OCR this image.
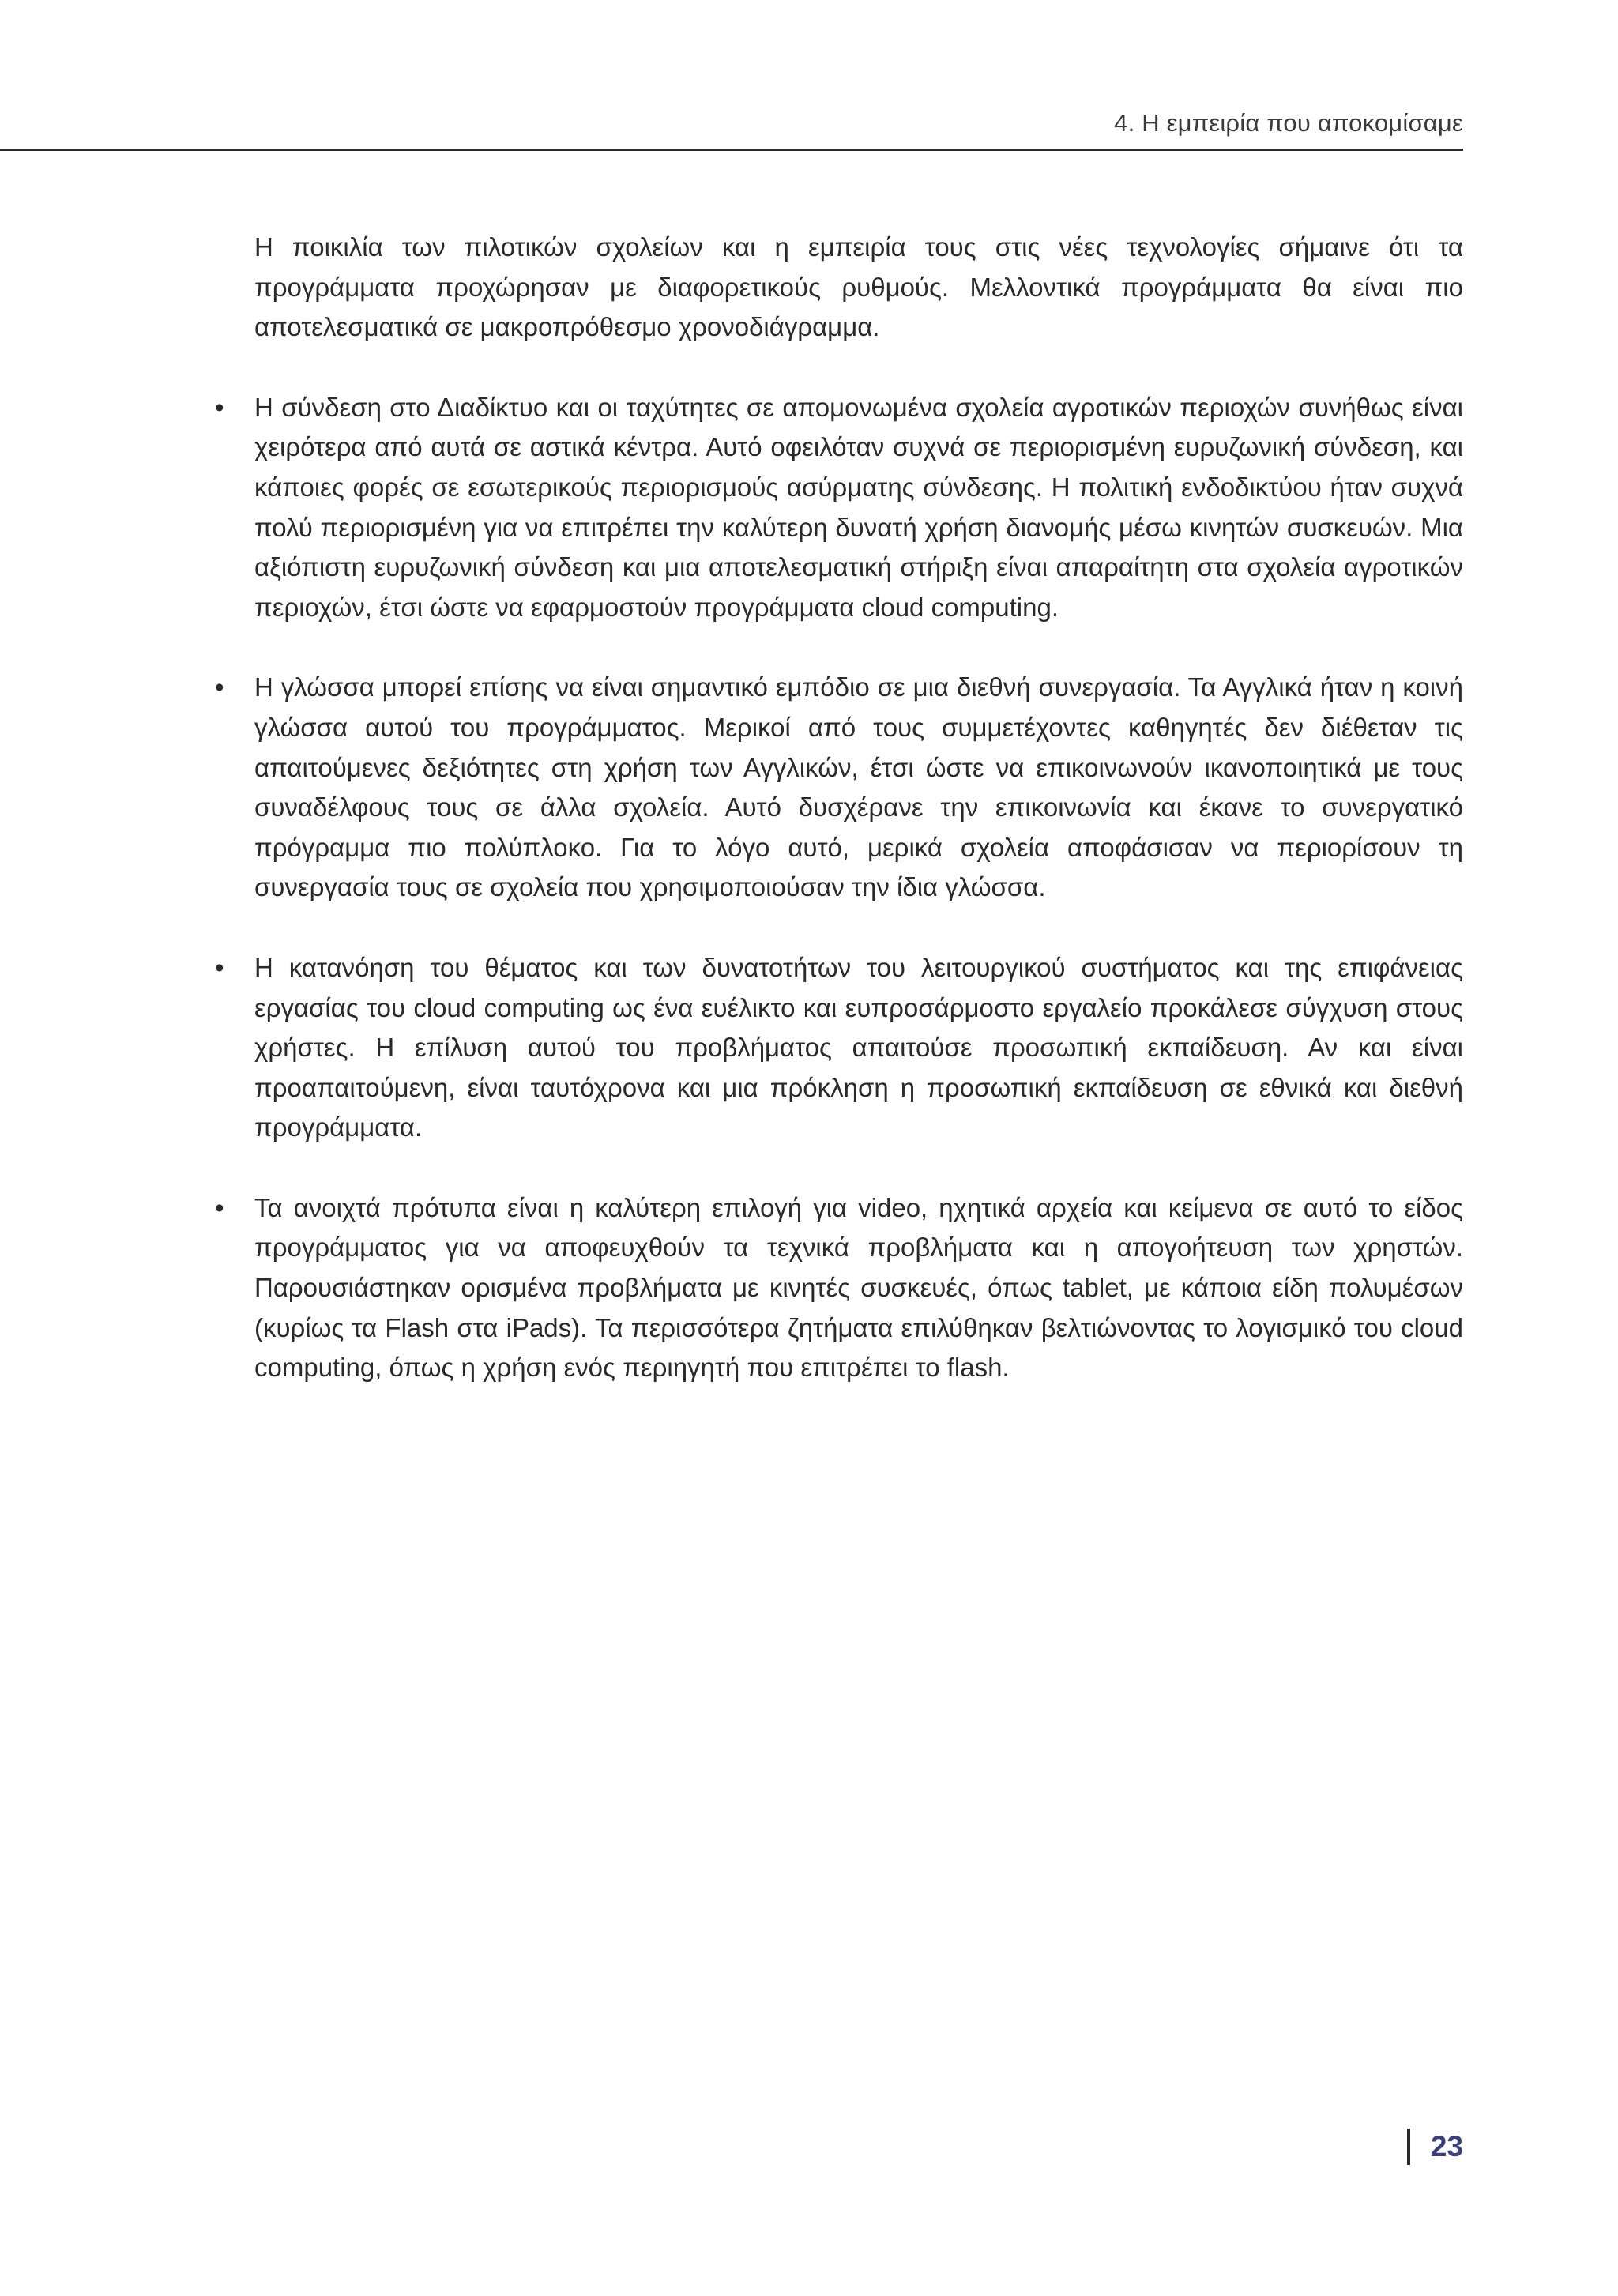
4. Η εμπειρία που αποκομίσαμε

Η ποικιλία των πιλοτικών σχολείων και η εμπειρία τους στις νέες τεχνολογίες σήμαινε ότι τα προγράμματα προχώρησαν με διαφορετικούς ρυθμούς. Μελλοντικά προγράμματα θα είναι πιο αποτελεσματικά σε μακροπρόθεσμο χρονοδιάγραμμα.

• Η σύνδεση στο Διαδίκτυο και οι ταχύτητες σε απομονωμένα σχολεία αγροτικών περιοχών συνήθως είναι χειρότερα από αυτά σε αστικά κέντρα. Αυτό οφειλόταν συχνά σε περιορισμένη ευρυζωνική σύνδεση, και κάποιες φορές σε εσωτερικούς περιορισμούς ασύρματης σύνδεσης. Η πολιτική ενδοδικτύου ήταν συχνά πολύ περιορισμένη για να επιτρέπει την καλύτερη δυνατή χρήση διανομής μέσω κινητών συσκευών. Μια αξιόπιστη ευρυζωνική σύνδεση και μια αποτελεσματική στήριξη είναι απαραίτητη στα σχολεία αγροτικών περιοχών, έτσι ώστε να εφαρμοστούν προγράμματα cloud computing.

• Η γλώσσα μπορεί επίσης να είναι σημαντικό εμπόδιο σε μια διεθνή συνεργασία. Τα Αγγλικά ήταν η κοινή γλώσσα αυτού του προγράμματος. Μερικοί από τους συμμετέχοντες καθηγητές δεν διέθεταν τις απαιτούμενες δεξιότητες στη χρήση των Αγγλικών, έτσι ώστε να επικοινωνούν ικανοποιητικά με τους συναδέλφους τους σε άλλα σχολεία. Αυτό δυσχέρανε την επικοινωνία και έκανε το συνεργατικό πρόγραμμα πιο πολύπλοκο. Για το λόγο αυτό, μερικά σχολεία αποφάσισαν να περιορίσουν τη συνεργασία τους σε σχολεία που χρησιμοποιούσαν την ίδια γλώσσα.

• Η κατανόηση του θέματος και των δυνατοτήτων του λειτουργικού συστήματος και της επιφάνειας εργασίας του cloud computing ως ένα ευέλικτο και ευπροσάρμοστο εργαλείο προκάλεσε σύγχυση στους χρήστες. Η επίλυση αυτού του προβλήματος απαιτούσε προσωπική εκπαίδευση. Αν και είναι προαπαιτούμενη, είναι ταυτόχρονα και μια πρόκληση η προσωπική εκπαίδευση σε εθνικά και διεθνή προγράμματα.

• Τα ανοιχτά πρότυπα είναι η καλύτερη επιλογή για video, ηχητικά αρχεία και κείμενα σε αυτό το είδος προγράμματος για να αποφευχθούν τα τεχνικά προβλήματα και η απογοήτευση των χρηστών. Παρουσιάστηκαν ορισμένα προβλήματα με κινητές συσκευές, όπως tablet, με κάποια είδη πολυμέσων (κυρίως τα Flash στα iPads). Τα περισσότερα ζητήματα επιλύθηκαν βελτιώνοντας το λογισμικό του cloud computing, όπως η χρήση ενός περιηγητή που επιτρέπει το flash.

23
